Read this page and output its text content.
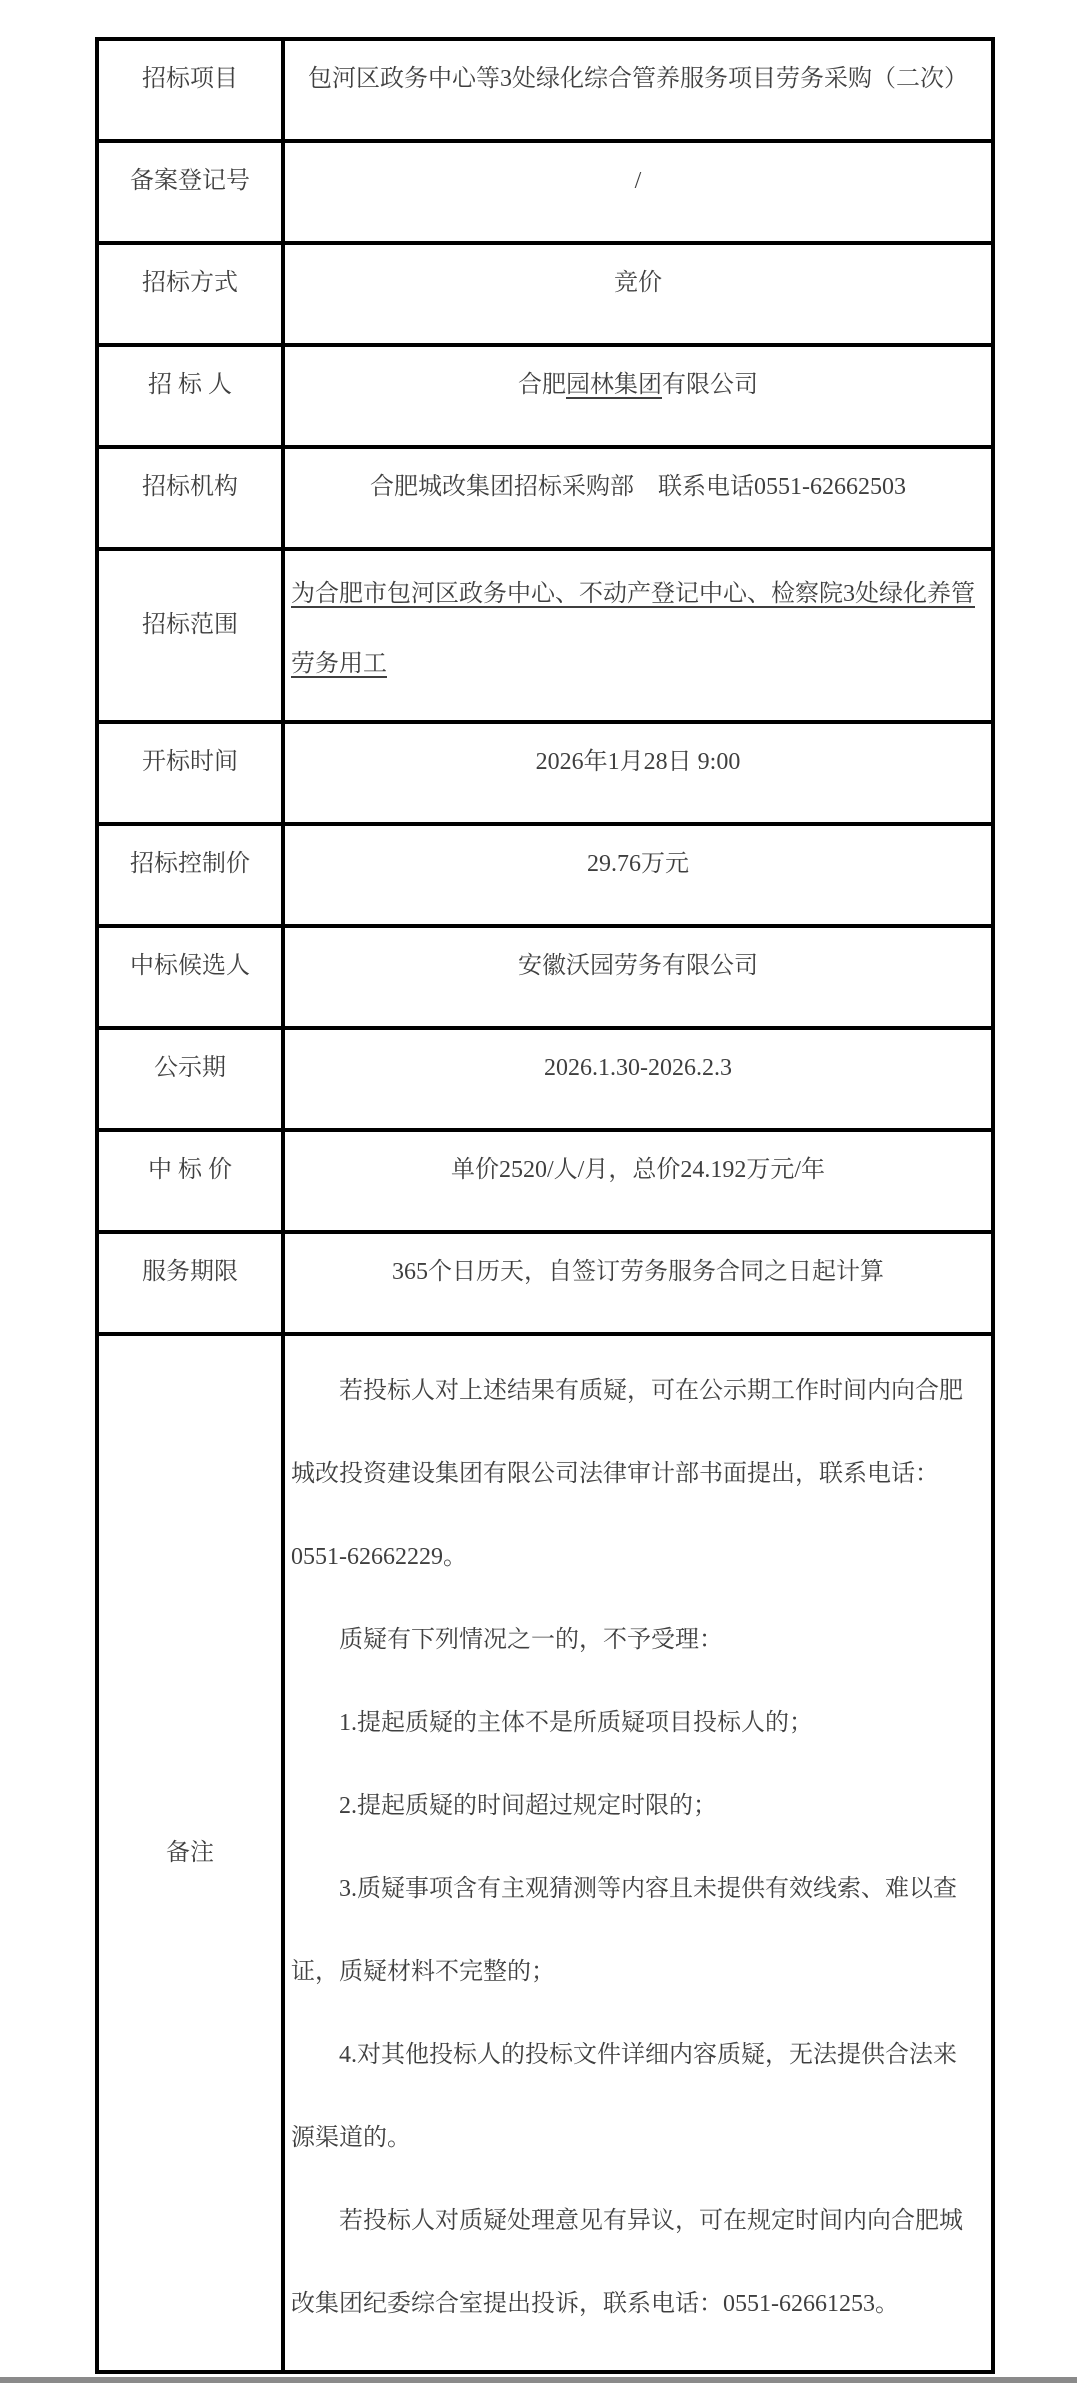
招标项目	包河区政务中心等3处绿化综合管养服务项目劳务采购（二次）
备案登记号	/
招标方式	竞价
招 标 人	合肥园林集团有限公司
招标机构	合肥城改集团招标采购部　联系电话0551-62662503
招标范围	为合肥市包河区政务中心、不动产登记中心、检察院3处绿化养管
劳务用工

开标时间	2026年1月28日 9:00
招标控制价	29.76万元
中标候选人	安徽沃园劳务有限公司
公示期	2026.1.30-2026.2.3
中 标 价	单价2520/人/月，总价24.192万元/年
服务期限	365个日历天，自签订劳务服务合同之日起计算
备注	
若投标人对上述结果有质疑，可在公示期工作时间内向合肥
城改投资建设集团有限公司法律审计部书面提出，联系电话：
0551-62662229。
质疑有下列情况之一的，不予受理：
1.提起质疑的主体不是所质疑项目投标人的；
2.提起质疑的时间超过规定时限的；
3.质疑事项含有主观猜测等内容且未提供有效线索、难以查
证，质疑材料不完整的；
4.对其他投标人的投标文件详细内容质疑，无法提供合法来
源渠道的。
若投标人对质疑处理意见有异议，可在规定时间内向合肥城
改集团纪委综合室提出投诉，联系电话：0551-62661253。
